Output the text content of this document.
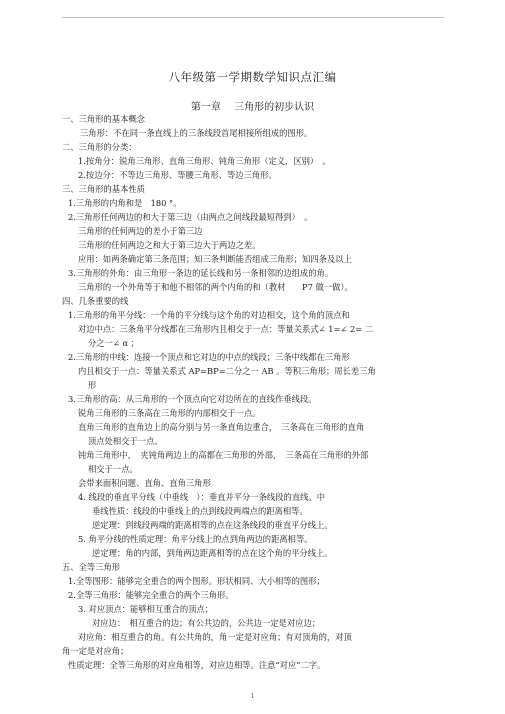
八年级第一学期数学知识点汇编
第一章　 三角形的初步认识
一、三角形的基本概念
三角形：不在同一条直线上的三条线段首尾相接所组成的图形。
二、三角形的分类：
1.按角分：锐角三角形、直角三角形、钝角三角形（定义，区别）　。
2.按边分：不等边三角形、等腰三角形、等边三角形。
三、三角形的基本性质
1.三角形的内角和是　180 °。
2.三角形任何两边的和大于第三边（由两点之间线段最短得到）　。
三角形的任何两边的差小于第三边
三角形的任何两边之和大于第三边大于两边之差。
应用：如两条确定第三条范围；知三条判断能否组成三角形；知四条及以上
3.三角形的外角：由三角形一条边的延长线和另一条相邻的边组成的角。
三角形的一个外角等于和他不相邻的两个内角的和（教材　　P7 做一做）。
四、几条重要的线
1.三角形的角平分线：一个角的平分线与这个角的对边相交，这个角的顶点和
对边中点：三条角平分线都在三角形内且相交于一点：等量关系式∠ 1=∠ 2= 二
分之一∠ α ；
2.三角形的中线：连接一个顶点和它对边的中点的线段；三条中线都在三角形
内且相交于一点：等量关系式 AP=BP=二分之一 AB 。等积三角形；周长差三角
形
3.三角形的高：从三角形的一个顶点向它对边所在的直线作垂线段。
锐角三角形的三条高在三角形的内部相交于一点。
直角三角形的直角边上的高分别与另一条直角边重合，　三条高在三角形的直角
顶点处相交于一点。
钝角三角形中，　夹钝角两边上的高都在三角形的外部，　三条高在三角形的外部
相交于一点。
会带来面积问题、直角、直角三角形
4. 线段的垂直平分线（中垂线　）：垂直并平分一条线段的直线。中
垂线性质：线段的中垂线上的点到线段两端点的距离相等。
逆定理：到线段两端的距离相等的点在这条线段的垂直平分线上。
5. 角平分线的性质定理：角平分线上的点到角两边的距离相等。
逆定理：角的内部，到角两边距离相等的点在这个角的平分线上。
五、全等三角形
1.全等图形：能够完全重合的两个图形。形状相同、大小相等的图形；
2.全等三角形：能够完全重合的两个三角形。
3. 对应顶点：能够相互重合的顶点；
对应边：　相互重合的边；有公共边的，公共边一定是对应边；
对应角：相互重合的角。有公共角的，角一定是对应角；有对顶角的，对顶
角一定是对应角；
性质定理：全等三角形的对应角相等，对应边相等。注意“对应”二字。
1
